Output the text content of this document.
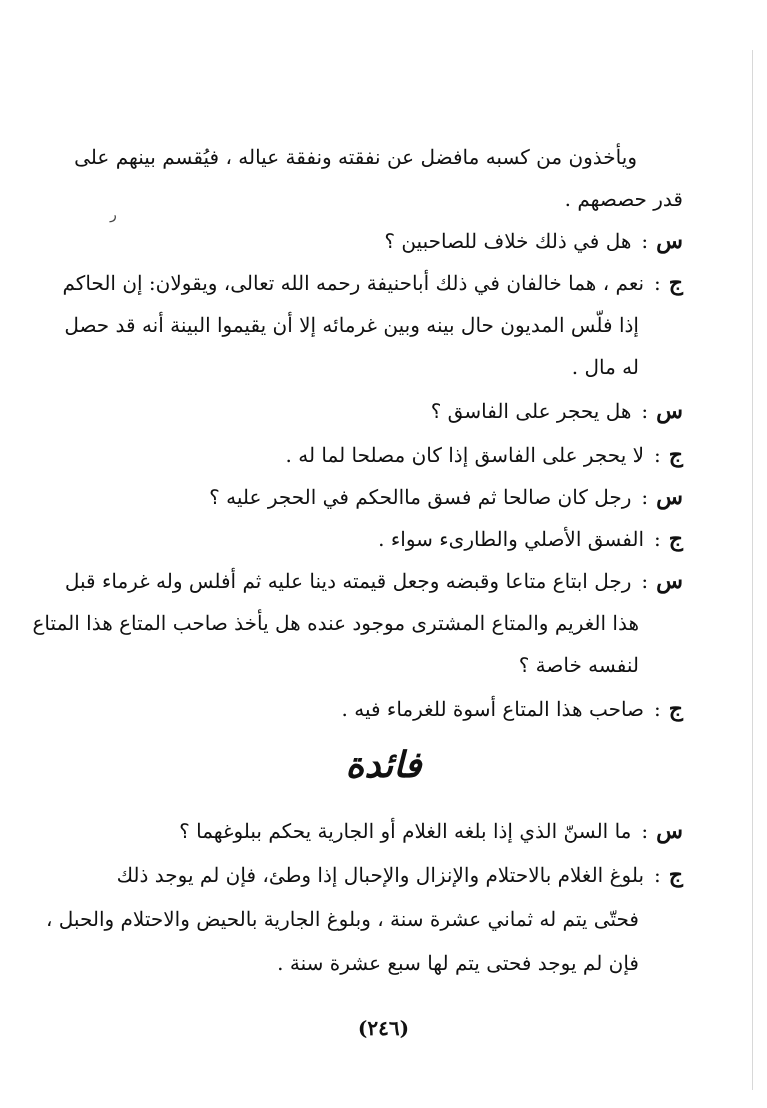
ويأخذون من كسبه مافضل عن نفقته ونفقة عياله ، فيُقسم بينهم على
قدر حصصهم .
ر
س
:
هل في ذلك خلاف للصاحبين ؟
ج
:
نعم ، هما خالفان في ذلك أباحنيفة رحمه الله تعالى، ويقولان: إن الحاكم
إذا فلّس المديون حال بينه وبين غرمائه إلا أن يقيموا البينة أنه قد حصل
له مال .
س
:
هل يحجر على الفاسق ؟
ج
:
لا يحجر على الفاسق إذا كان مصلحا لما له .
س
:
رجل كان صالحا ثم فسق ماالحكم في الحجر عليه ؟
ج
:
الفسق الأصلي والطارىء سواء .
س
:
رجل ابتاع متاعا وقبضه وجعل قيمته دينا عليه ثم أفلس وله غرماء قبل
هذا الغريم والمتاع المشترى موجود عنده هل يأخذ صاحب المتاع هذا المتاع
لنفسه خاصة ؟
ج
:
صاحب هذا المتاع أسوة للغرماء فيه .
فائدة
س
:
ما السنّ الذي إذا بلغه الغلام أو الجارية يحكم ببلوغهما ؟
ج
:
بلوغ الغلام بالاحتلام والإنزال والإحبال إذا وطئ، فإن لم يوجد ذلك
فحتّى يتم له ثماني عشرة سنة ، وبلوغ الجارية بالحيض والاحتلام والحبل ،
فإن لم يوجد فحتى يتم لها سبع عشرة سنة .
(٢٤٦)
